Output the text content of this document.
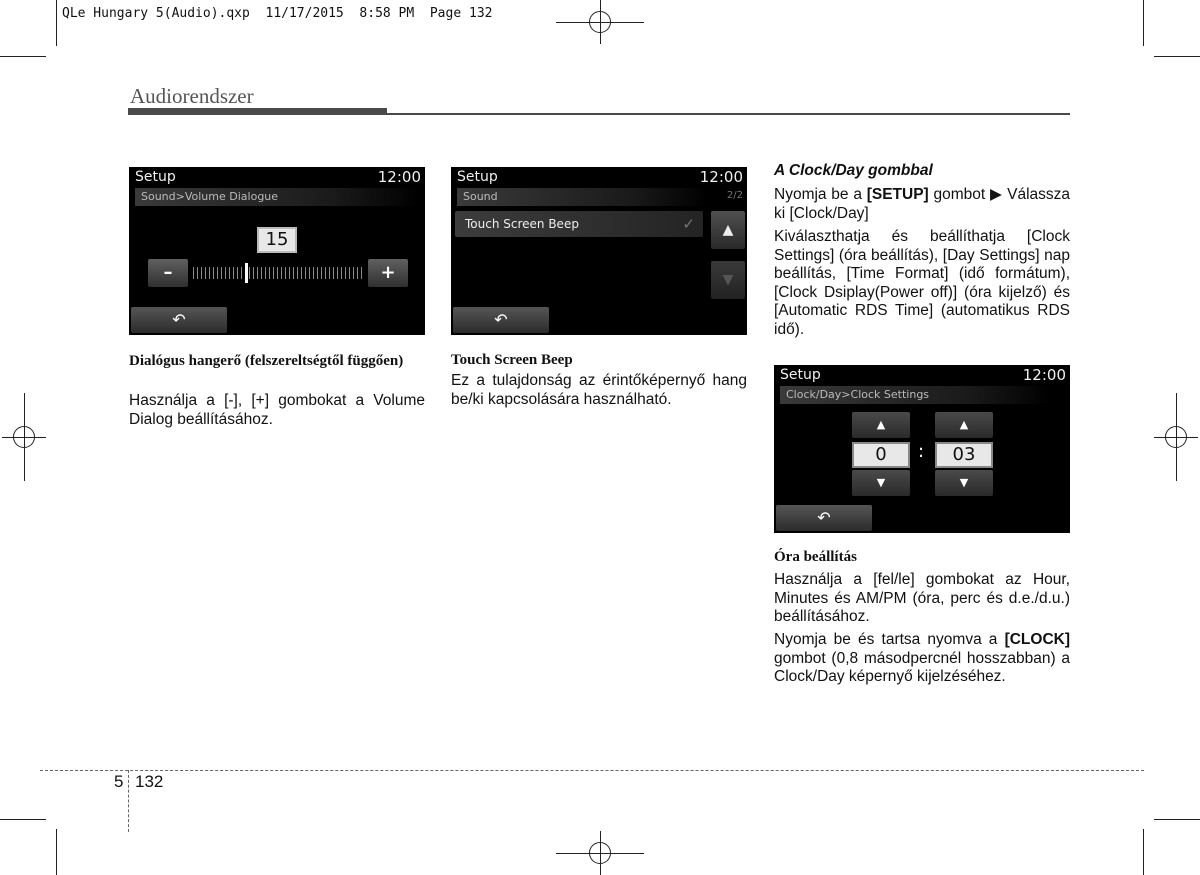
QLe Hungary 5(Audio).qxp  11/17/2015  8:58 PM  Page 132
Audiorendszer
Setup	12:00
Sound>Volume Dialogue
15
–	+
↶
Setup	12:00
Sound	2/2
Touch Screen Beep	✓	▲
▼
↶
Setup	12:00
Clock/Day>Clock Settings
▲	▲
0	:	03
▼	▼
↶
Dialógus hangerő (felszereltségtől függően)
Használja a [-], [+] gombokat a Volume Dialog beállításához.
Touch Screen Beep
Ez a tulajdonság az érintőképernyő hang be/ki kapcsolására használható.
A Clock/Day gombbal
Nyomja be a [SETUP] gombot ▶ Válassza ki [Clock/Day]
Kiválaszthatja és beállíthatja [Clock Settings] (óra beállítás), [Day Settings] nap beállítás, [Time Format] (idő formátum), [Clock Dsiplay(Power off)] (óra kijelző) és [Automatic RDS Time] (automatikus RDS idő).
Óra beállítás
Használja a [fel/le] gombokat az Hour, Minutes és AM/PM (óra, perc és d.e./d.u.) beállításához.
Nyomja be és tartsa nyomva a [CLOCK] gombot (0,8 másodpercnél hosszabban) a Clock/Day képernyő kijelzéséhez.
5 132
